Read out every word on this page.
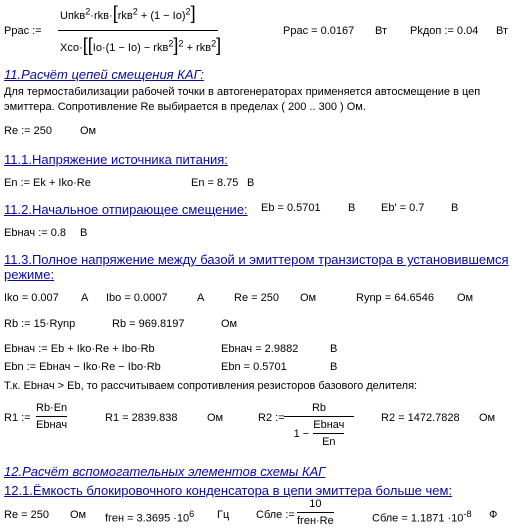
Pрас :=
Uпkв$^2$·rkв·[rkв$^2$ + (1 − Iо)$^2$]
$Xсо\cdot[[Iо\cdot(1 - Iо) - rkв^2]^2 + rkв^2]$
Pрас = 0.0167 Вт Pkдоп := 0.04 Вт
11.Расчёт цепей смещения КАГ:
Для термостабилизации рабочей точки в автогенераторах применяется автосмещение в цеп
эмиттера. Сопротивление Re выбирается в пределах ( 200 .. 300 ) Ом.
Re := 250	Ом
11.1.Напряжение источника питания:
En := Ek + Iko·Re	En = 8.75 В
11.2.Начальное отпирающее смещение: Eb = 0.5701 В Eb' = 0.7 В
Ebнач := 0.8 В
11.3.Полное напряжение между базой и эмиттером транзистора в установившемся
режиме:
Iko = 0.007 A Ibo = 0.0007	A	Re = 250 Ом	Rynp = 64.6546 Ом
Rb := 15·Rynp	Rb = 969.8197	Ом
Ebнач := Eb + Iko·Re + Ibo·Rb	Ebнач = 2.9882	В
Ebn := Ebнач − Iko·Re − Ibo·Rb	Ebn = 0.5701	В
Т.к. Ebнач > Eb, то рассчитываем сопротивления резисторов базового делителя:
R1 :=
Rb·En
Ebнач
R1 = 2839.838	Ом	R2 :=
Rb
1 −
Ebнач
En
R2 = 1472.7828 Ом
12.Расчёт вспомогательных элементов схемы КАГ
12.1.Ёмкость блокировочного конденсатора в цепи эмиттера больше чем:
Re = 250 Ом fген = $3.3695 \cdot 10^6$ Гц Cбле :=
10
fген·Re	Cбле = $1.1871 \cdot 10^{-8}$ Ф
